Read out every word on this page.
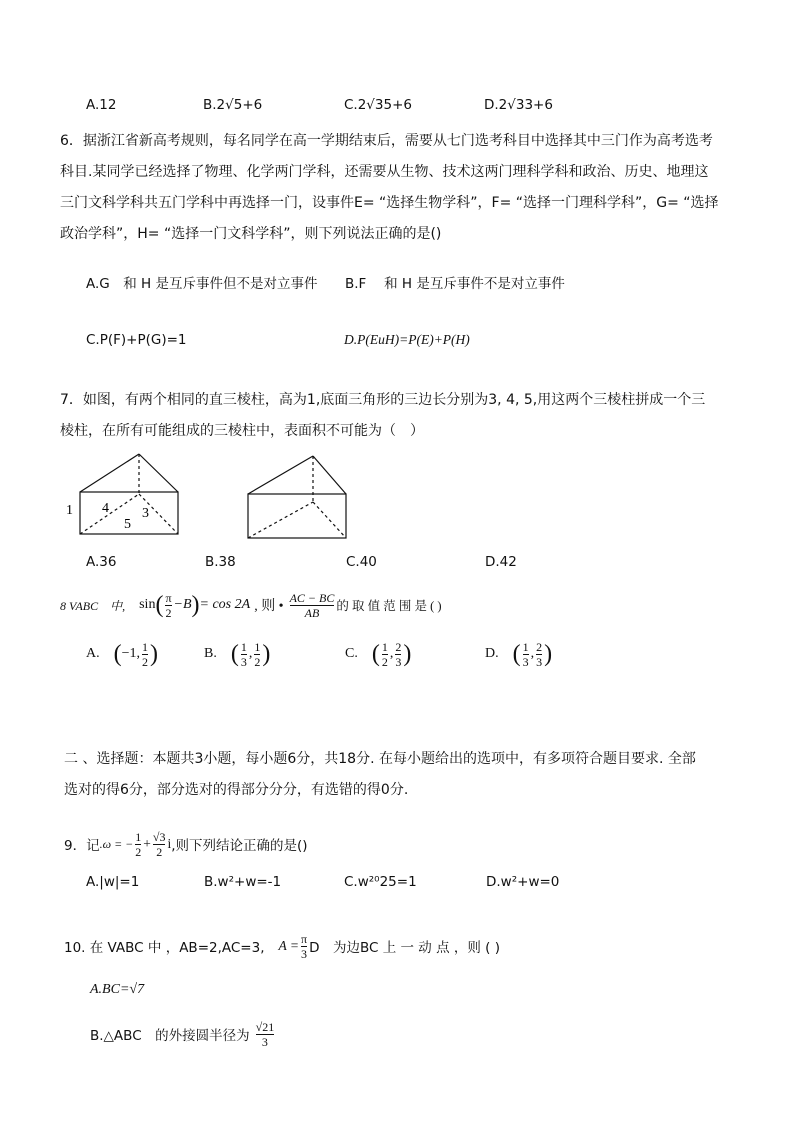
A.12	B.2√5+6	C.2√35+6	D.2√33+6
6．据浙江省新高考规则，每名同学在高一学期结束后，需要从七门选考科目中选择其中三门作为高考选考
科目.某同学已经选择了物理、化学两门学科，还需要从生物、技术这两门理科学科和政治、历史、地理这
三门文科学科共五门学科中再选择一门，设事件E= “选择生物学科”，F= “选择一门理科学科”，G= “选择
政治学科”，H= “选择一门文科学科”，则下列说法正确的是()
A.G　和 H 是互斥事件但不是对立事件 B.F　 和 H 是互斥事件不是对立事件
C.P(F)+P(G)=1	D.P(EuH)=P(E)+P(H)
7．如图，有两个相同的直三棱柱，高为1,底面三角形的三边长分别为3, 4, 5,用这两个三棱柱拼成一个三
棱柱，在所有可能组成的三棱柱中，表面积不可能为（　）
1 4 3
5
A.36	B.38	C.40	D.42
8 VABC　中, sin ( $\frac{\pi}{2} -B$ ) = cos 2A , 则 • $\frac{AC - BC}{AB}$ 的 取 值 范 围 是 ( )
A. ( −1, $\frac{1}{2}$ )	B. ( $\frac{1}{3}$ , $\frac{1}{2}$ )	C. ( $\frac{1}{2}$ , $\frac{2}{3}$ )	D. ( $\frac{1}{3}$ , $\frac{2}{3}$ )
二 、选择题：本题共3小题，每小题6分，共18分. 在每小题给出的选项中，有多项符合题目要求. 全部
选对的得6分，部分选对的得部分分分，有选错的得0分.
9．记 .ω = − $\frac{1}{2} + \frac{√3}{2}$ i ,则下列结论正确的是()
A.|w|=1	B.w²+w=-1	C.w²⁰25=1	D.w²+w=0
10. 在 VABC 中 ，AB=2,AC=3, $A = \frac{\pi}{3}$ D　为边BC 上 一 动 点 ，则 ( )
A.BC=√7
B.△ABC　的外接圆半径为 $\frac{√21}{3}$
